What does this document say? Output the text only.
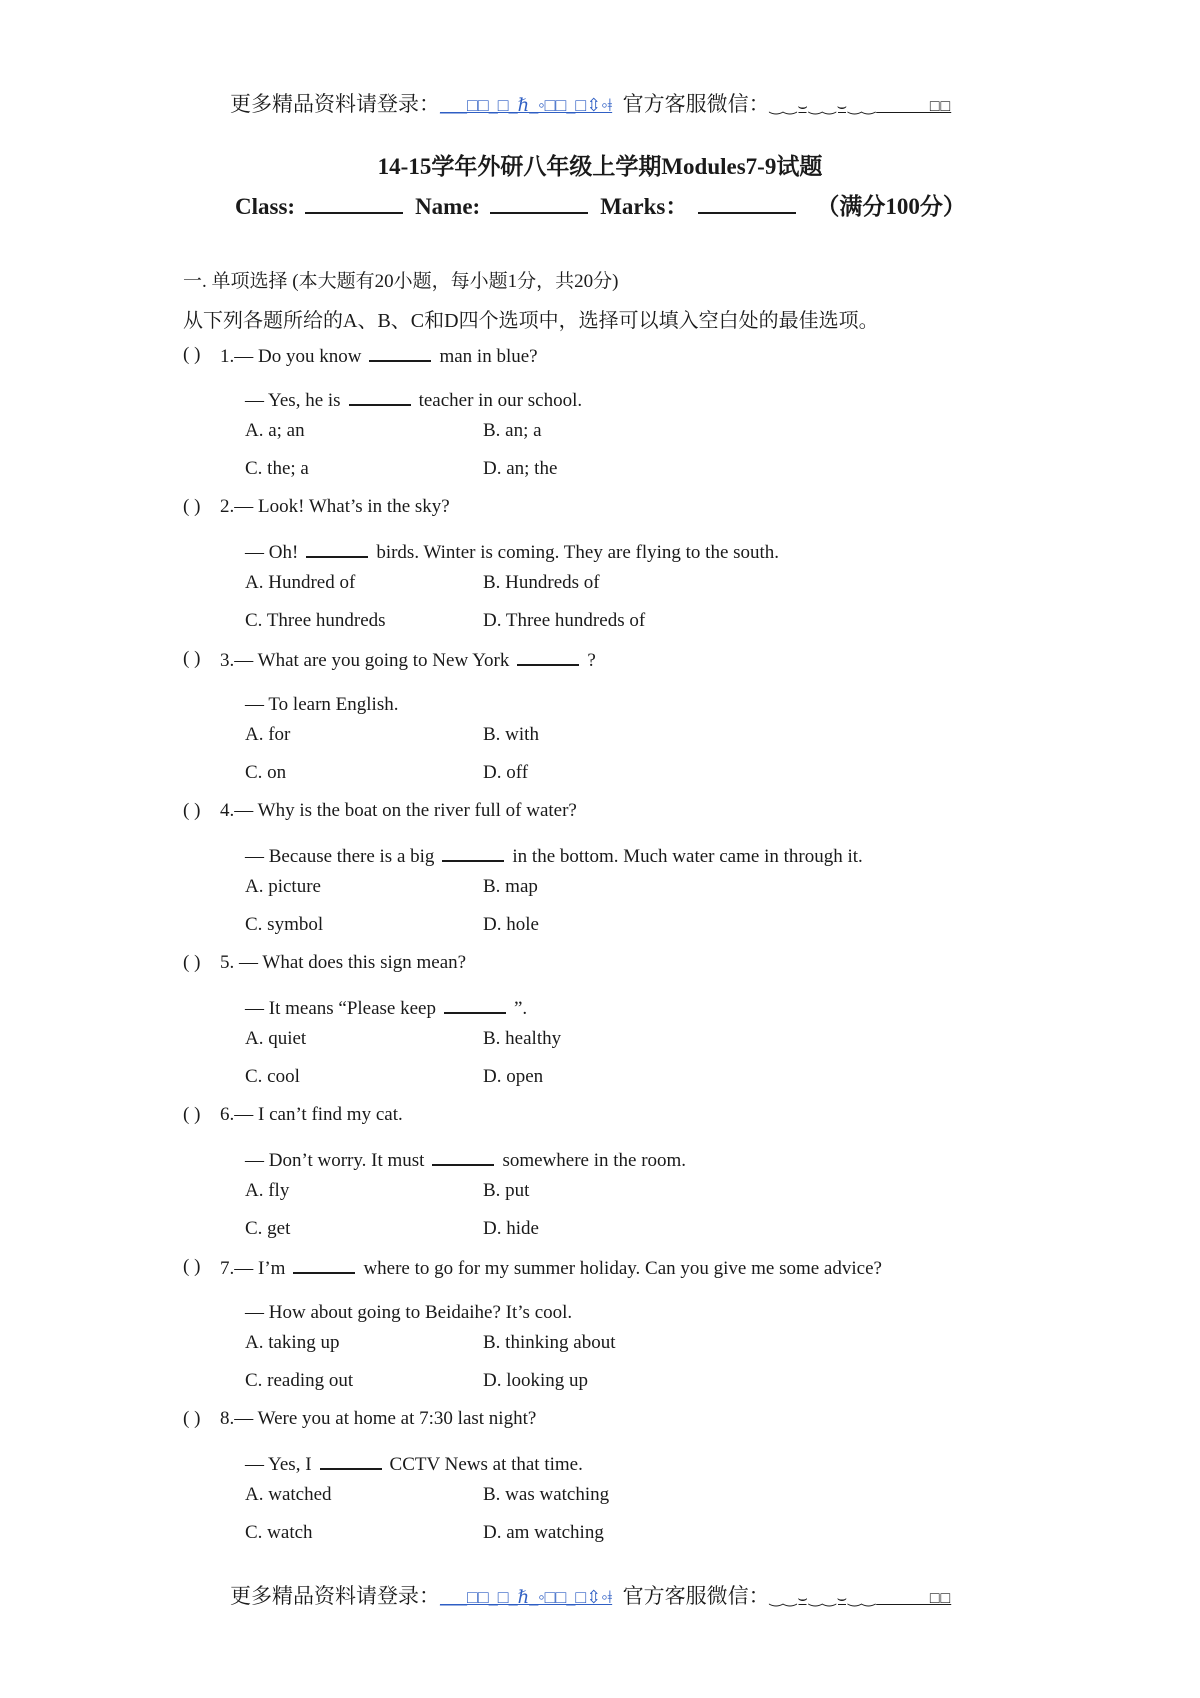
更多精品资料请登录：___□□_□_ℏ_◦□□_□⇳◦ǂ 官方客服微信：‿‿⌣‿‿⌣‿‿______□□
14-15学年外研八年级上学期Modules7-9试题
Class:	Name:	Marks：	（满分100分）
一. 单项选择 (本大题有20小题，每小题1分，共20分)
从下列各题所给的A、B、C和D四个选项中，选择可以填入空白处的最佳选项。
( ) 1.— Do you know	man in blue?
— Yes, he is	teacher in our school.
A. a; an	B. an; a
C. the; a	D. an; the
( ) 2.— Look! What’s in the sky?
— Oh!	birds. Winter is coming. They are flying to the south.
A. Hundred of	B. Hundreds of
C. Three hundreds	D. Three hundreds of
( ) 3.— What are you going to New York	?
— To learn English.
A. for	B. with
C. on	D. off
( ) 4.— Why is the boat on the river full of water?
— Because there is a big	in the bottom. Much water came in through it.
A. picture	B. map
C. symbol	D. hole
( ) 5. — What does this sign mean?
— It means “Please keep	”.
A. quiet	B. healthy
C. cool	D. open
( ) 6.— I can’t find my cat.
— Don’t worry. It must	somewhere in the room.
A. fly	B. put
C. get	D. hide
( ) 7.— I’m	where to go for my summer holiday. Can you give me some advice?
— How about going to Beidaihe? It’s cool.
A. taking up	B. thinking about
C. reading out	D. looking up
( ) 8.— Were you at home at 7:30 last night?
— Yes, I	CCTV News at that time.
A. watched	B. was watching
C. watch	D. am watching
更多精品资料请登录：___□□_□_ℏ_◦□□_□⇳◦ǂ 官方客服微信：‿‿⌣‿‿⌣‿‿______□□
